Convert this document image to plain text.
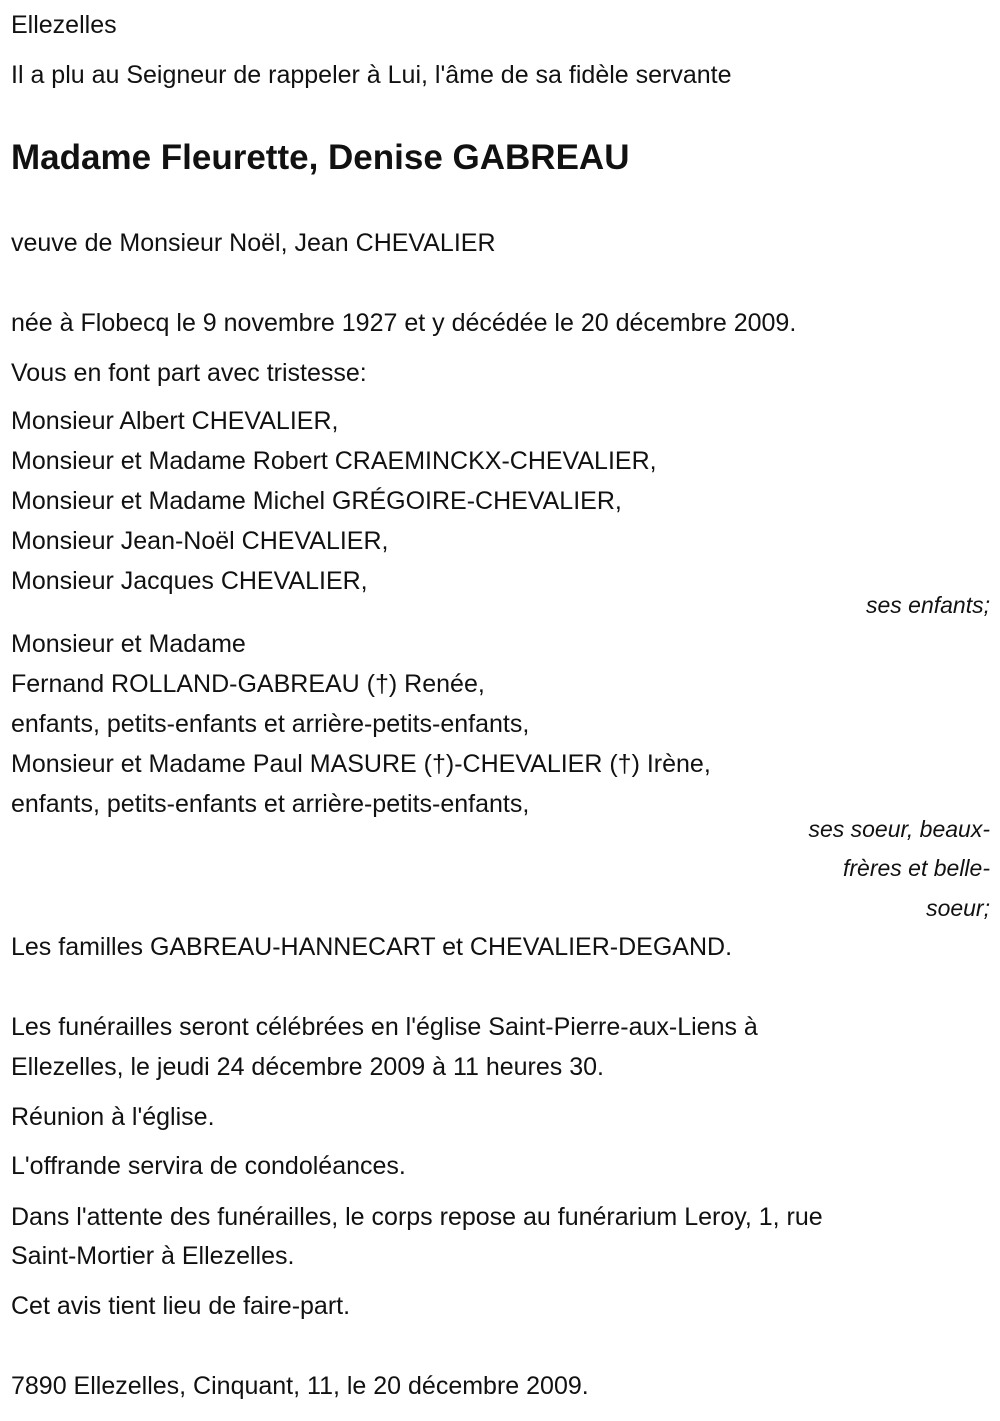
Ellezelles
Il a plu au Seigneur de rappeler à Lui, l'âme de sa fidèle servante
Madame Fleurette, Denise GABREAU
veuve de Monsieur Noël, Jean CHEVALIER
née à Flobecq le 9 novembre 1927 et y décédée le 20 décembre 2009.
Vous en font part avec tristesse:
Monsieur Albert CHEVALIER,
Monsieur et Madame Robert CRAEMINCKX-CHEVALIER,
Monsieur et Madame Michel GRÉGOIRE-CHEVALIER,
Monsieur Jean-Noël CHEVALIER,
Monsieur Jacques CHEVALIER,
ses enfants;
Monsieur et Madame
Fernand ROLLAND-GABREAU (†) Renée,
enfants, petits-enfants et arrière-petits-enfants,
Monsieur et Madame Paul MASURE (†)-CHEVALIER (†) Irène,
enfants, petits-enfants et arrière-petits-enfants,
ses soeur, beaux-
frères et belle-
soeur;
Les familles GABREAU-HANNECART et CHEVALIER-DEGAND.
Les funérailles seront célébrées en l'église Saint-Pierre-aux-Liens à
Ellezelles, le jeudi 24 décembre 2009 à 11 heures 30.
Réunion à l'église.
L'offrande servira de condoléances.
Dans l'attente des funérailles, le corps repose au funérarium Leroy, 1, rue
Saint-Mortier à Ellezelles.
Cet avis tient lieu de faire-part.
7890 Ellezelles, Cinquant, 11, le 20 décembre 2009.
